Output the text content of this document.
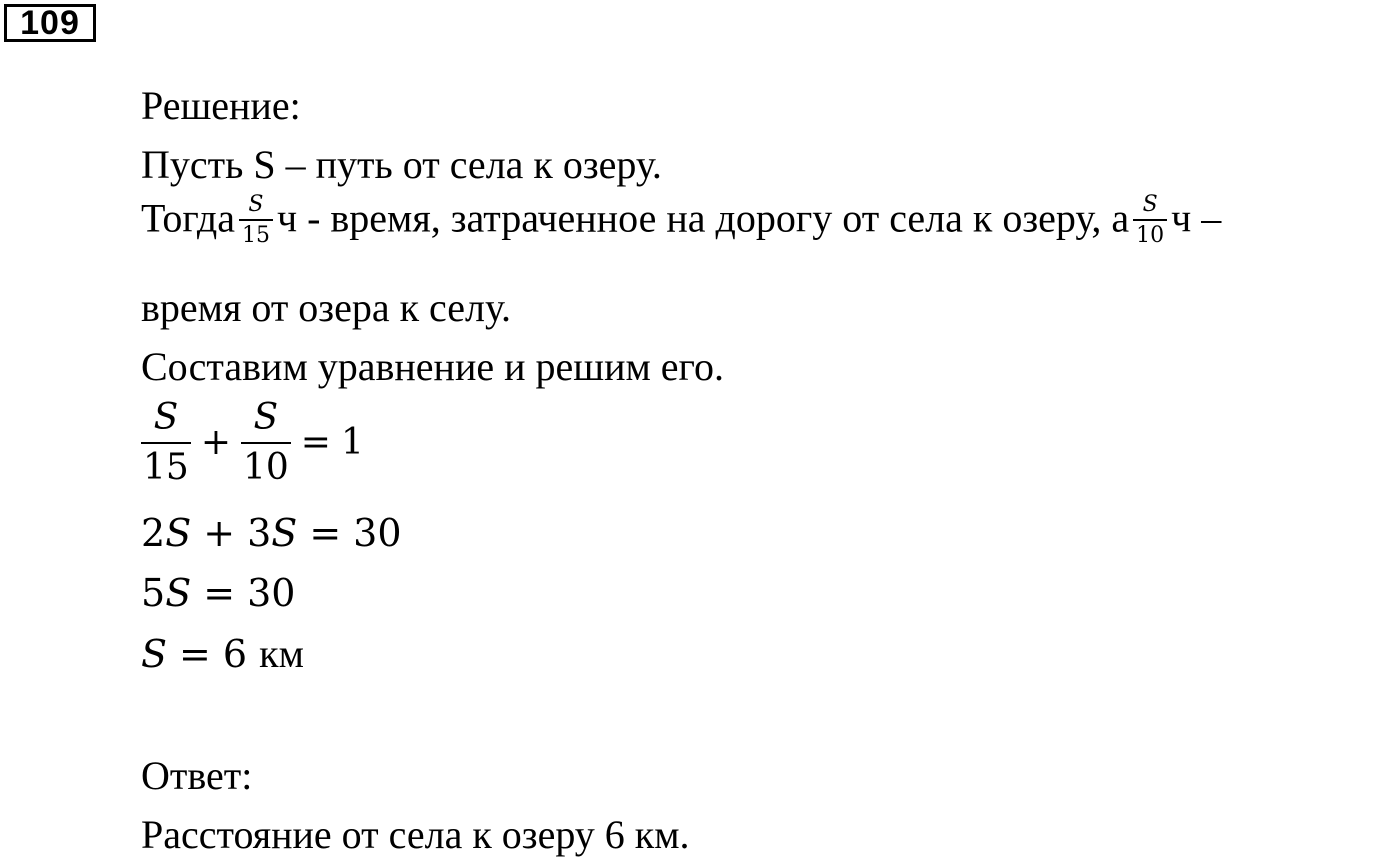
109
Решение:
Пусть S – путь от села к озеру.
Тогда $\frac{S}{15}$ ч - время, затраченное на дорогу от села к озеру, а $\frac{S}{10}$ ч –
время от озера к селу.
Составим уравнение и решим его.
$\frac{S}{15} + \frac{S}{10} = 1$
2S + 3S = 30
5S = 30
S = 6 км
Ответ:
Расстояние от села к озеру 6 км.
